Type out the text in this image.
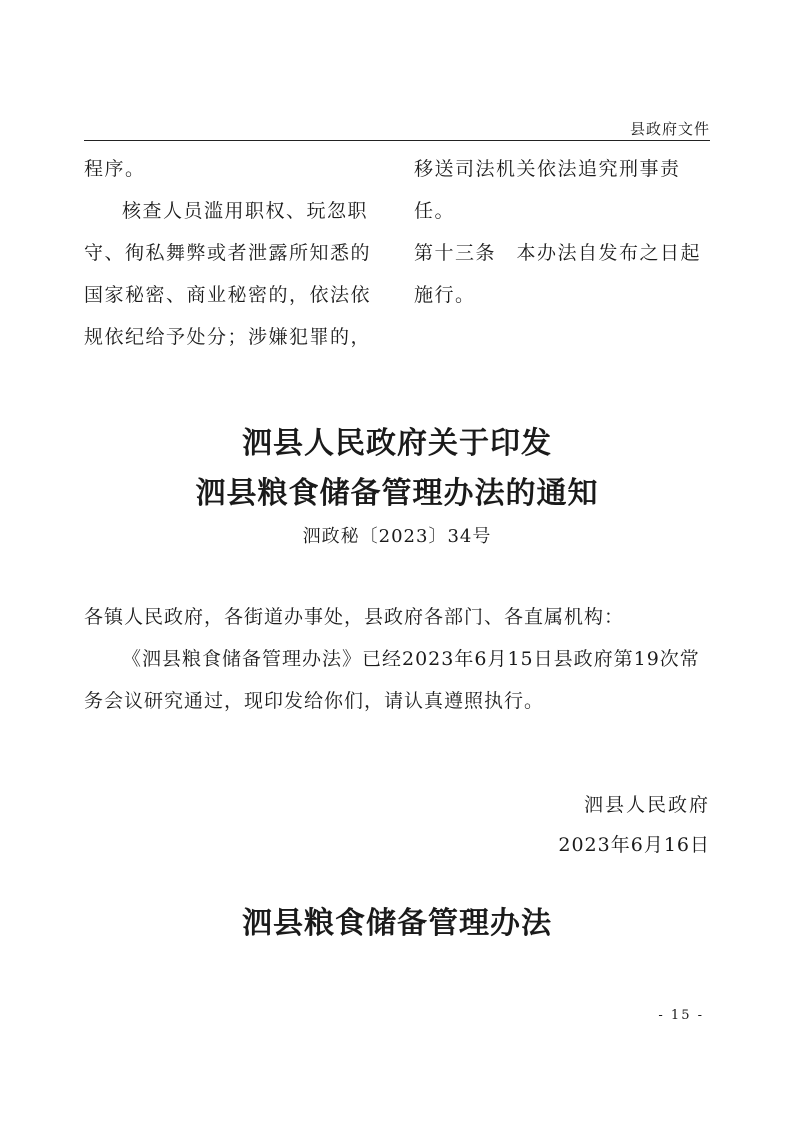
县政府文件

程序。

核查人员滥用职权、玩忽职守、徇私舞弊或者泄露所知悉的国家秘密、商业秘密的，依法依规依纪给予处分；涉嫌犯罪的，

移送司法机关依法追究刑事责任。

第十三条　本办法自发布之日起施行。

泗县人民政府关于印发
泗县粮食储备管理办法的通知
泗政秘〔2023〕34号

各镇人民政府，各街道办事处，县政府各部门、各直属机构：

《泗县粮食储备管理办法》已经2023年6月15日县政府第19次常务会议研究通过，现印发给你们，请认真遵照执行。

泗县人民政府
2023年6月16日
泗县粮食储备管理办法
- 15 -
